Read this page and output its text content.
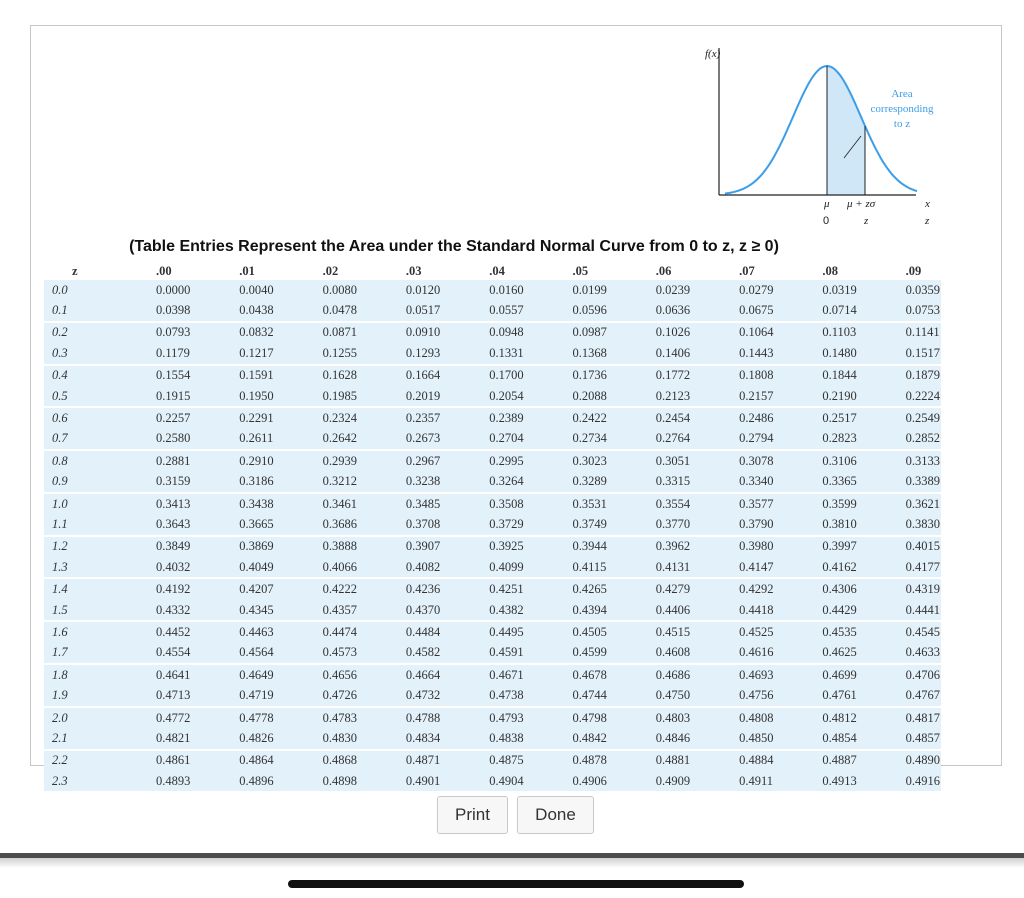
f(x)
Area
corresponding
to z
μ μ + zσ	x
0	z	z
(Table Entries Represent the Area under the Standard Normal Curve from 0 to z, z ≥ 0)
z	.00	.01	.02	.03	.04	.05	.06	.07	.08	.09
0.0	0.0000	0.0040	0.0080	0.0120	0.0160	0.0199	0.0239	0.0279	0.0319	0.0359
0.1	0.0398	0.0438	0.0478	0.0517	0.0557	0.0596	0.0636	0.0675	0.0714	0.0753
0.2	0.0793	0.0832	0.0871	0.0910	0.0948	0.0987	0.1026	0.1064	0.1103	0.1141
0.3	0.1179	0.1217	0.1255	0.1293	0.1331	0.1368	0.1406	0.1443	0.1480	0.1517
0.4	0.1554	0.1591	0.1628	0.1664	0.1700	0.1736	0.1772	0.1808	0.1844	0.1879
0.5	0.1915	0.1950	0.1985	0.2019	0.2054	0.2088	0.2123	0.2157	0.2190	0.2224
0.6	0.2257	0.2291	0.2324	0.2357	0.2389	0.2422	0.2454	0.2486	0.2517	0.2549
0.7	0.2580	0.2611	0.2642	0.2673	0.2704	0.2734	0.2764	0.2794	0.2823	0.2852
0.8	0.2881	0.2910	0.2939	0.2967	0.2995	0.3023	0.3051	0.3078	0.3106	0.3133
0.9	0.3159	0.3186	0.3212	0.3238	0.3264	0.3289	0.3315	0.3340	0.3365	0.3389
1.0	0.3413	0.3438	0.3461	0.3485	0.3508	0.3531	0.3554	0.3577	0.3599	0.3621
1.1	0.3643	0.3665	0.3686	0.3708	0.3729	0.3749	0.3770	0.3790	0.3810	0.3830
1.2	0.3849	0.3869	0.3888	0.3907	0.3925	0.3944	0.3962	0.3980	0.3997	0.4015
1.3	0.4032	0.4049	0.4066	0.4082	0.4099	0.4115	0.4131	0.4147	0.4162	0.4177
1.4	0.4192	0.4207	0.4222	0.4236	0.4251	0.4265	0.4279	0.4292	0.4306	0.4319
1.5	0.4332	0.4345	0.4357	0.4370	0.4382	0.4394	0.4406	0.4418	0.4429	0.4441
1.6	0.4452	0.4463	0.4474	0.4484	0.4495	0.4505	0.4515	0.4525	0.4535	0.4545
1.7	0.4554	0.4564	0.4573	0.4582	0.4591	0.4599	0.4608	0.4616	0.4625	0.4633
1.8	0.4641	0.4649	0.4656	0.4664	0.4671	0.4678	0.4686	0.4693	0.4699	0.4706
1.9	0.4713	0.4719	0.4726	0.4732	0.4738	0.4744	0.4750	0.4756	0.4761	0.4767
2.0	0.4772	0.4778	0.4783	0.4788	0.4793	0.4798	0.4803	0.4808	0.4812	0.4817
2.1	0.4821	0.4826	0.4830	0.4834	0.4838	0.4842	0.4846	0.4850	0.4854	0.4857
2.2	0.4861	0.4864	0.4868	0.4871	0.4875	0.4878	0.4881	0.4884	0.4887	0.4890
2.3	0.4893	0.4896	0.4898	0.4901	0.4904	0.4906	0.4909	0.4911	0.4913	0.4916
Print	Done
